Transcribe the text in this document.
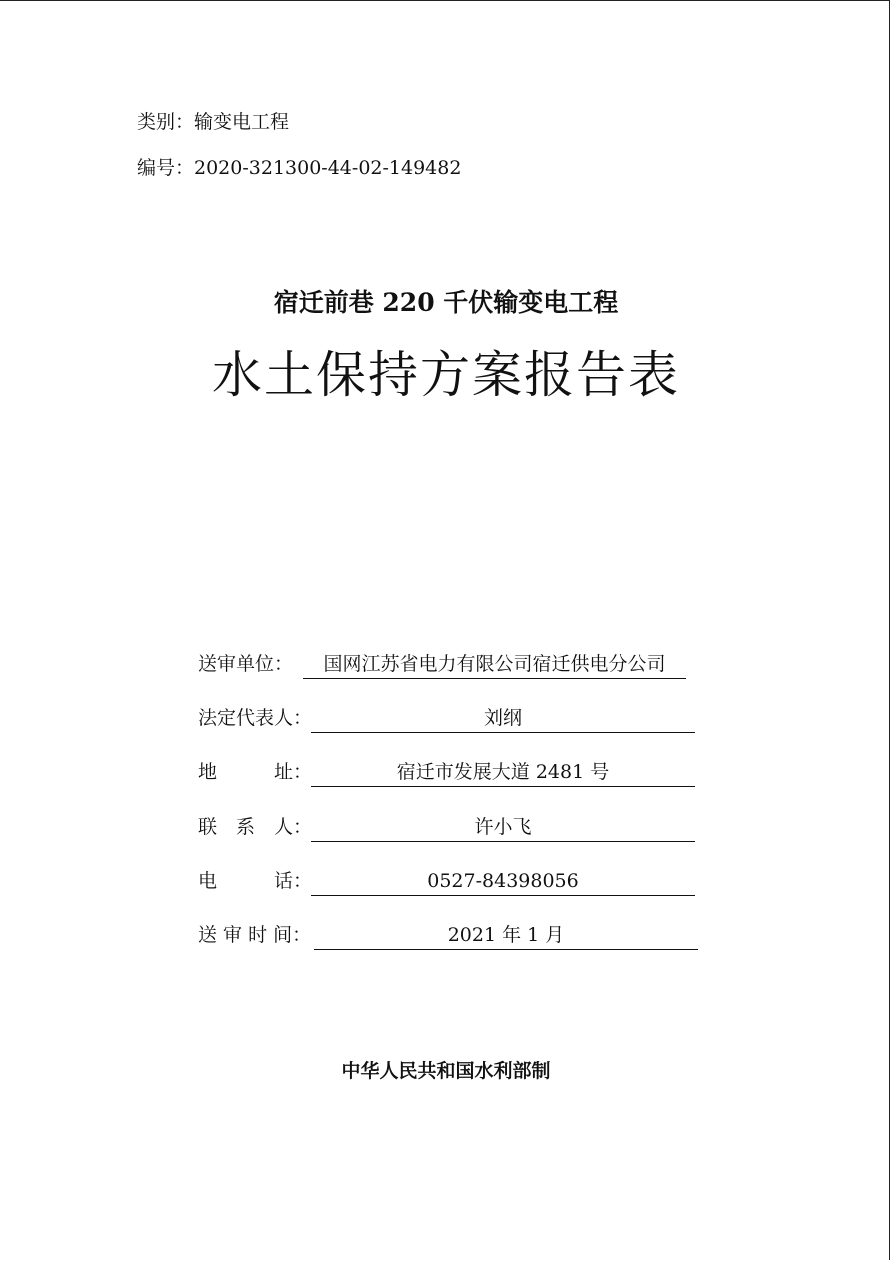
类别：输变电工程
编号：2020-321300-44-02-149482
宿迁前巷 220 千伏输变电工程
水土保持方案报告表
送审单位：	国网江苏省电力有限公司宿迁供电分公司
法定代表人：	刘纲
地　　　址：	宿迁市发展大道 2481 号
联　系　人：	许小飞
电　　　话：	0527-84398056
送 审 时 间：	2021 年 1 月
中华人民共和国水利部制
